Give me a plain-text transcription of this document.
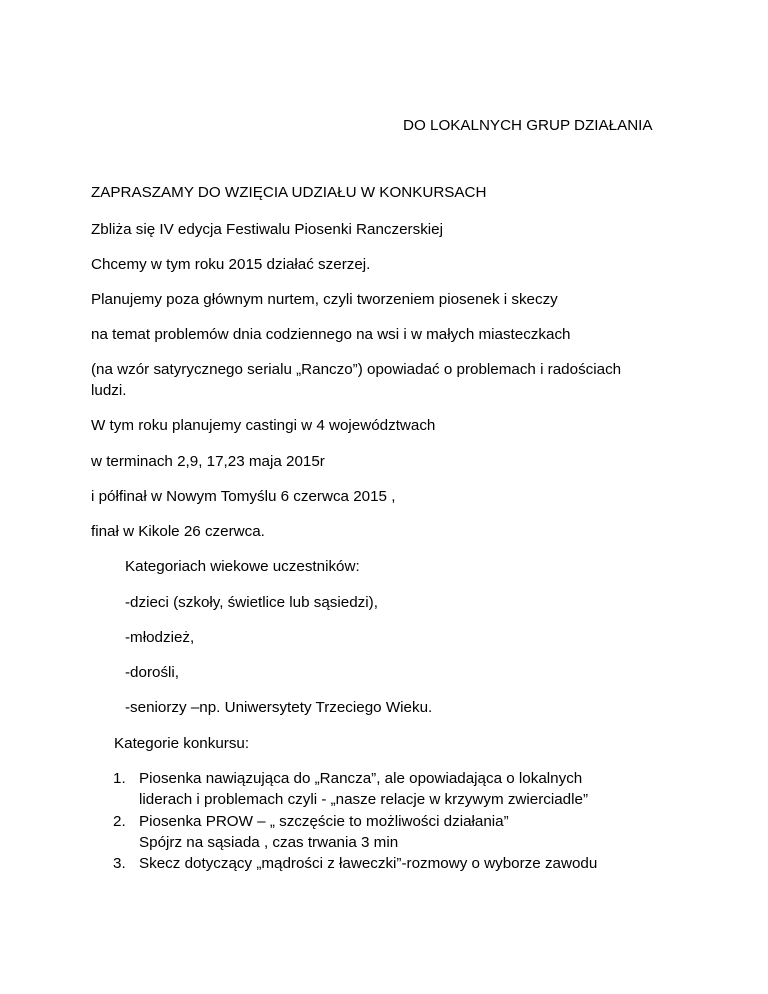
DO LOKALNYCH GRUP DZIAŁANIA

ZAPRASZAMY DO WZIĘCIA UDZIAŁU W KONKURSACH

Zbliża się IV edycja Festiwalu Piosenki Ranczerskiej

Chcemy w tym roku 2015 działać szerzej.

Planujemy poza głównym nurtem, czyli tworzeniem piosenek i skeczy

na temat problemów dnia codziennego na wsi i w małych miasteczkach

(na wzór satyrycznego serialu „Ranczo”) opowiadać o problemach i radościach

ludzi.

W tym roku planujemy castingi w 4 województwach

w terminach 2,9, 17,23 maja 2015r

i półfinał w Nowym Tomyślu 6 czerwca 2015 ,

finał w Kikole 26 czerwca.

Kategoriach wiekowe uczestników:

-dzieci (szkoły, świetlice lub sąsiedzi),

-młodzież,

-dorośli,

-seniorzy –np. Uniwersytety Trzeciego Wieku.

Kategorie konkursu:

1. Piosenka nawiązująca do „Rancza”, ale opowiadająca o lokalnych
liderach i problemach czyli - „nasze relacje w krzywym zwierciadle”
2. Piosenka PROW – „ szczęście to możliwości działania”
Spójrz na sąsiada , czas trwania 3 min
3. Skecz dotyczący „mądrości z ławeczki”-rozmowy o wyborze zawodu
